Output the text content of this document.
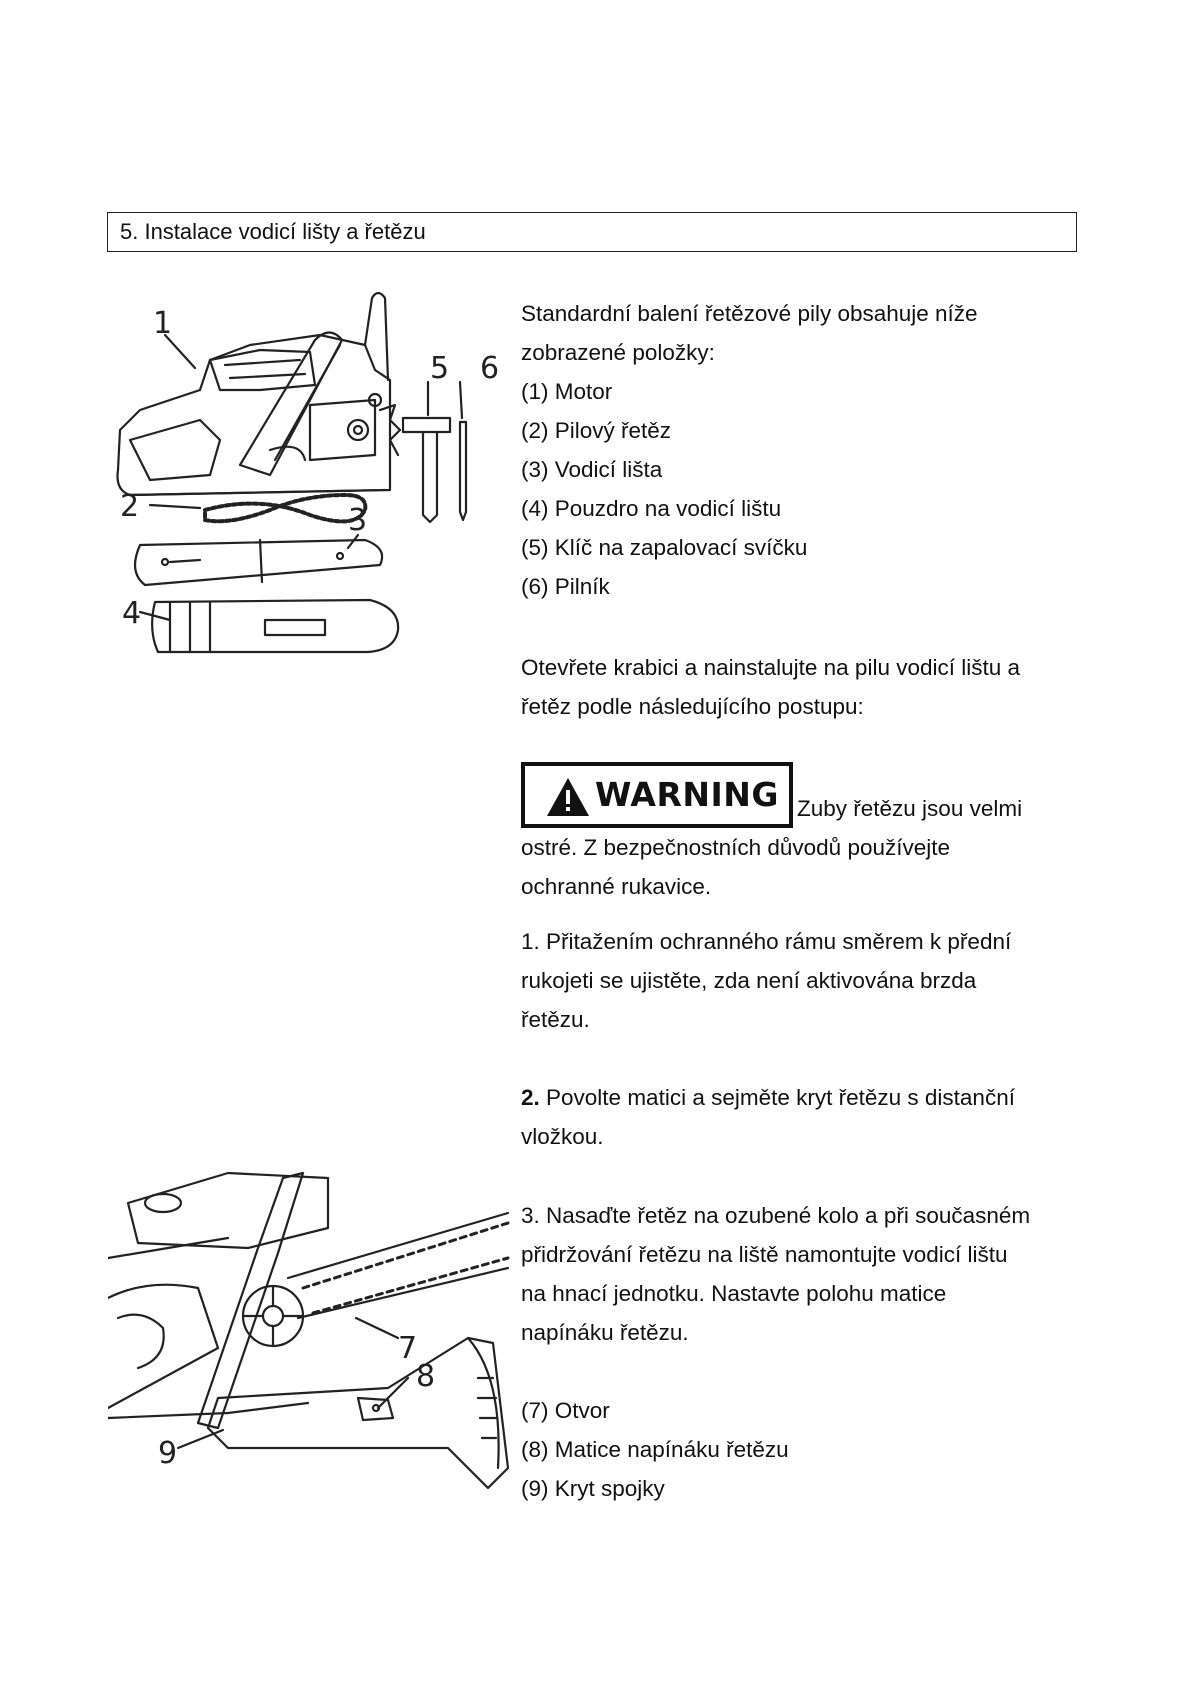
5. Instalace vodicí lišty a řetězu
1
2	3
4
5 6
7
8
9

Standardní balení řetězové pily obsahuje níže

zobrazené položky:

(1) Motor

(2) Pilový řetěz

(3) Vodicí lišta

(4) Pouzdro na vodicí lištu

(5) Klíč na zapalovací svíčku

(6) Pilník

Otevřete krabici a nainstalujte na pilu vodicí lištu a

řetěz podle následujícího postupu:

WARNING Zuby řetězu jsou velmi

ostré. Z bezpečnostních důvodů používejte

ochranné rukavice.

1. Přitažením ochranného rámu směrem k přední

rukojeti se ujistěte, zda není aktivována brzda

řetězu.

2. Povolte matici a sejměte kryt řetězu s distanční

vložkou.

3. Nasaďte řetěz na ozubené kolo a při současném

přidržování řetězu na liště namontujte vodicí lištu

na hnací jednotku. Nastavte polohu matice

napínáku řetězu.

(7) Otvor

(8) Matice napínáku řetězu

(9) Kryt spojky
